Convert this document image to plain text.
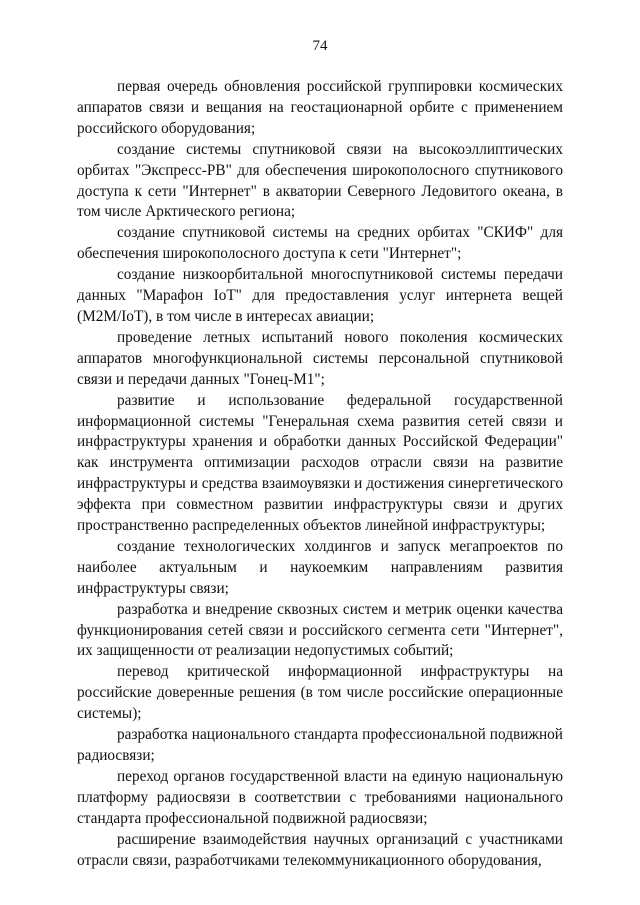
74

первая очередь обновления российской группировки космических аппаратов связи и вещания на геостационарной орбите с применением российского оборудования;

создание системы спутниковой связи на высокоэллиптических орбитах "Экспресс-РВ" для обеспечения широкополосного спутникового доступа к сети "Интернет" в акватории Северного Ледовитого океана, в том числе Арктического региона;

создание спутниковой системы на средних орбитах "СКИФ" для обеспечения широкополосного доступа к сети "Интернет";

создание низкоорбитальной многоспутниковой системы передачи данных "Марафон IoT" для предоставления услуг интернета вещей (M2M/IoT), в том числе в интересах авиации;

проведение летных испытаний нового поколения космических аппаратов многофункциональной системы персональной спутниковой связи и передачи данных "Гонец-М1";

развитие и использование федеральной государственной информационной системы "Генеральная схема развития сетей связи и инфраструктуры хранения и обработки данных Российской Федерации" как инструмента оптимизации расходов отрасли связи на развитие инфраструктуры и средства взаимоувязки и достижения синергетического эффекта при совместном развитии инфраструктуры связи и других пространственно распределенных объектов линейной инфраструктуры;

создание технологических холдингов и запуск мегапроектов по наиболее актуальным и наукоемким направлениям развития инфраструктуры связи;

разработка и внедрение сквозных систем и метрик оценки качества функционирования сетей связи и российского сегмента сети "Интернет", их защищенности от реализации недопустимых событий;

перевод критической информационной инфраструктуры на российские доверенные решения (в том числе российские операционные системы);

разработка национального стандарта профессиональной подвижной радиосвязи;

переход органов государственной власти на единую национальную платформу радиосвязи в соответствии с требованиями национального стандарта профессиональной подвижной радиосвязи;

расширение взаимодействия научных организаций с участниками отрасли связи, разработчиками телекоммуникационного оборудования,
